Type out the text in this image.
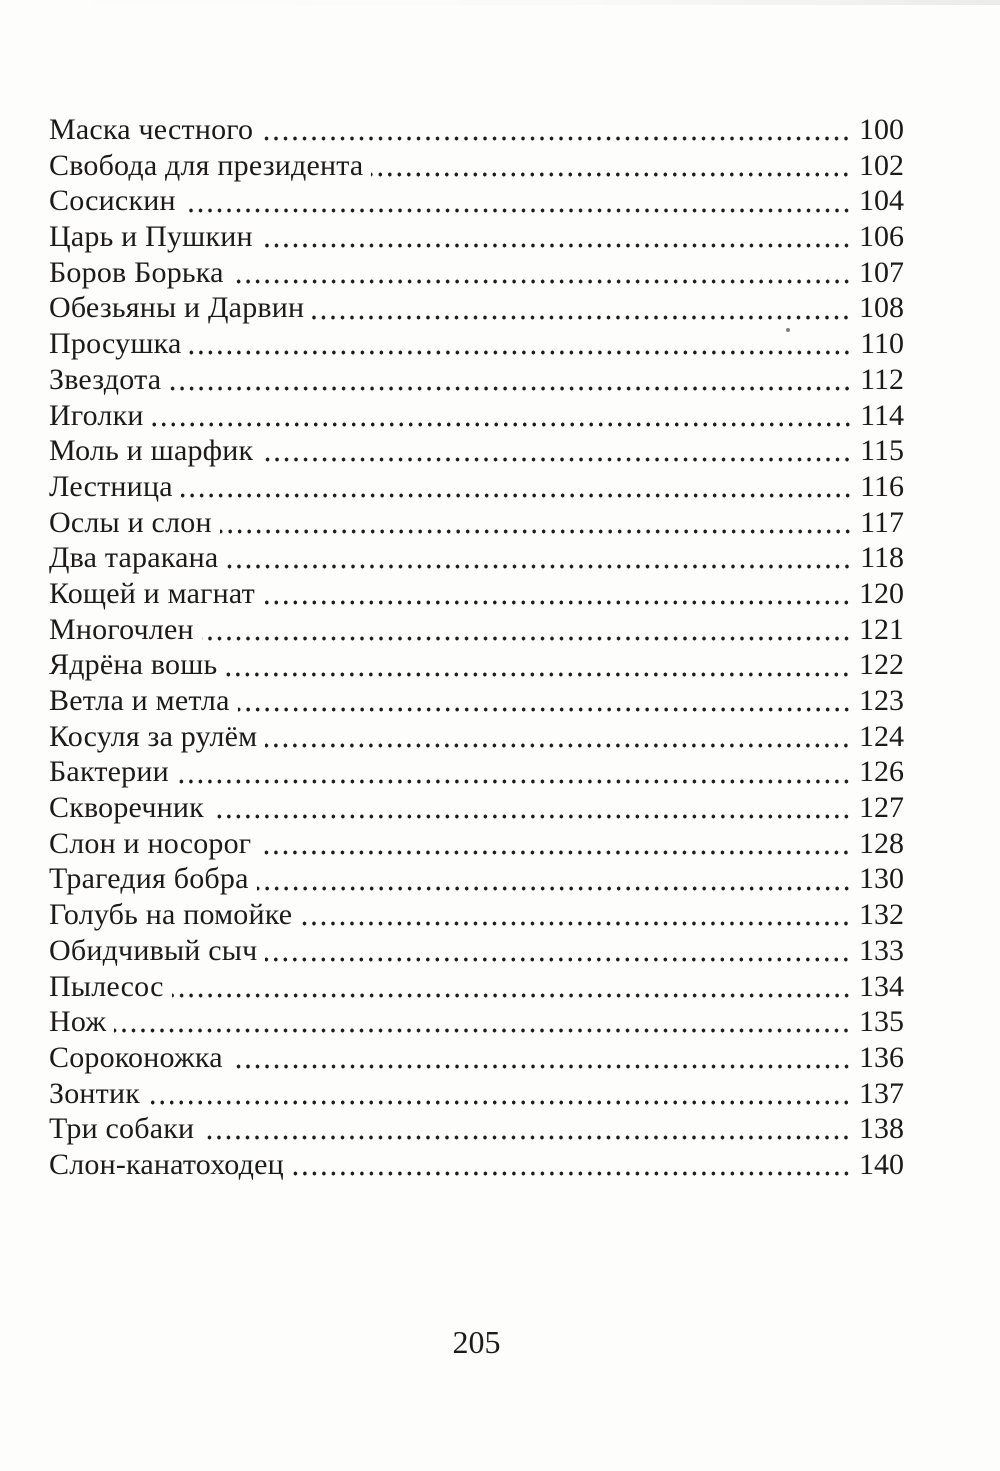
Маска честного	100
Свобода для президента	102
Сосискин	104
Царь и Пушкин	106
Боров Борька	107
Обезьяны и Дарвин	108
Просушка	110
Звездота	112
Иголки	114
Моль и шарфик	115
Лестница	116
Ослы и слон	117
Два таракана	118
Кощей и магнат	120
Многочлен	121
Ядрёна вошь	122
Ветла и метла	123
Косуля за рулём	124
Бактерии	126
Скворечник	127
Слон и носорог	128
Трагедия бобра	130
Голубь на помойке	132
Обидчивый сыч	133
Пылесос	134
Нож	135
Сороконожка	136
Зонтик	137
Три собаки	138
Слон-канатоходец	140
205
